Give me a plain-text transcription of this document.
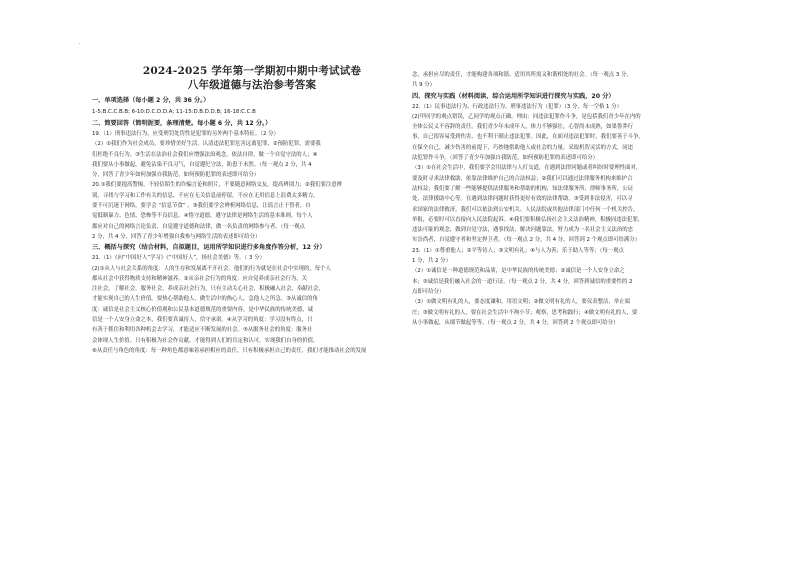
2024-2025 学年第一学期初中期中考试试卷

八年级道德与法治参考答案

一、单项选择（每小题 2 分，共 36 分。）

1-5:B.C.C.B.B; 6-10:D.C.D.D.A; 11-15:D.B.D.D.B; 16-18:C.C.B

二、简要回答（简明扼要，条理清楚。每小题 6 分，共 12 分。）

19.（1）刑事违法行为，应受刑罚处罚性是犯罪的另外两个基本特征。（2 分）

（2）①我们作为社会成员，要珍惜美好生活，认清违法犯罪危害远离犯罪，②预防犯罪，需要我

们杜绝不良行为。③生活在法治社会我们应增强法治观念，依法自律，做一个自觉守法的人；④

我们要从小事做起，避免沾染不良习气，自觉遵纪守法，防患于未然。（每一观点 2 分，共 4

分，回答了青少年如何加强自我防范，如何预防犯罪的表述即可给分）

20.①我们要提高警惕，不轻信陌生的诈骗言论和照片，不要随意网络交友，提高辨别力；②我们要注意辨

别，寻找与学习和工作有关的信息，不应在无关信息前停留，不应在无用信息上浪费太多精力，

要不可沉迷于网络，要学会 “信息节食” 。③我们要学会辨析网络信息，让谣言止于智者，自

觉抵制暴力、色情、恐怖等不良信息。④恪守道德，遵守法律是网络生活的基本准则。每个人

都应对自己的网络言论负责，自觉遵守道德和法律，做一名负责的网络参与者。（每一观点

2 分，共 4 分，回答了青少年增强自我参与网络生活的表述即可给分）

三、概括与探究（结合材料，自拟题目，运用所学知识进行多角度作答分析，12 分）

21.（1）《向“中国好人”学习》《“中国好人”，扬社会美德》等。（ 3 分）

(2)①从人与社会关系的角度：人的生存和发展离不开社会。他们的行为就是在社会中实现的，每个人

都从社会中获得物质支持和精神滋养。②从亲社会行为的角度：应自觉养成亲社会行为，关

注社会，了解社会，服务社会，养成亲社会行为，只有主动关心社会，积极融入社会，奉献社会，

才能实现自己的人生价值。要热心帮助他人，做生活中的热心人，急他人之所急。③从诚信的角

度：诚信是社会主义核心价值观和公民基本道德规范的重要内容，是中华民族的传统美德，诚

信是一个人安身立命之本，我们要真诚待人，信守承诺。④从学习的角度：学习没有终点，只

有善于抓住和利用各种机会去学习，才能适应不断发展的社会。⑤从服务社会的角度：服务社

会体现人生价值。只有积极为社会作贡献，才能得到人们的肯定和认可。实现我们自身的价值。

⑥从责任与角色的角度：每一种角色都意味着承担相应的责任，只有积极承担自己的责任，我们才能推动社会的发展

念，承担应尽的责任，才能构建各项和谐、适用其所需又和谐相处的社会。（每一观点 3 分，

共 9 分）

四、探究与实践（材料阅读，综合运用所学知识进行探究与实践，20 分）

22.（1）民事违法行为、行政违法行为、刑事违法行为（犯罪）（3 分，每一空格 1 分）

(2)甲同学的观点错误，乙同学的观点正确。理由：同违法犯罪作斗争，是包括我们青少年在内的

全体公民义不容辞的责任。我们青少年未成年人，体力不够强壮，心智尚未成熟，如果鲁莽行

事，自己很容易受到伤害，也不利于制止违法犯罪。因此，在面对违法犯罪时，我们要善于斗争，

在保全自己，减少伤害的前提下，巧妙地借助他人或社会的力量，采取机智灵活的方式，同违

法犯罪作斗争。（回答了青少年加强自我防范，如何预防犯罪的表述即可给分）

（3）①在社会生活中，我们要学会用法律与人打交道，在遇到法律问题或者纠纷时要理性面对，

要及时寻求法律救助，依靠法律维护自己的合法权益；②我们可以通过法律服务机构来维护合

法权益；我们要了解一些能够提供法律服务和帮助的机构，知法律服务所、律师事务所，公证

处，法律援助中心等。在遇到法律问题时获得更好有效的法律帮助。③受到非法侵害，可以寻

求国家的法律救济。我们可以依法到公安机关、人民法院或其他法律部门中任何一个机关控告，

举报，必要时可以直接向人民法院起诉。④我们要积极弘扬社会主义法治精神，积极同违法犯罪，

违法可耻的观念，做到自觉守法，遇事找法，解决问题靠法，努力成为一名社会主义法治的忠

实崇尚者，自觉遵守者和坚定捍卫者。（每一观点 2 分，共 4 分，回答到 2 个观点即可给满分）

23.（1）①尊重他人；②平等待人；③文明有礼；④与人为善；乐于助人等等；（每一观点

1 分，共 2 分）

（2）①诚信是一种道德规范和品质，是中华民族的传统美德；②诚信是一个人安身立命之

本；③诚信是我们融入社会的一道行证。（每一观点 2 分，共 4 分，回答到诚信的重要性的 2

点即可给分）

（3）①做文明有礼的人，要态度谦和，用语文明；②做文明有礼的人，要仪表整洁，举止端

庄；③做文明有礼的人，要在社会生活中不拘小节；观察，思考和践行；④做文明有礼的人，要

从小事做起，从细节做起等等。（每一观点 2 分，共 4 分，回答到 2 个观点即可给分）
